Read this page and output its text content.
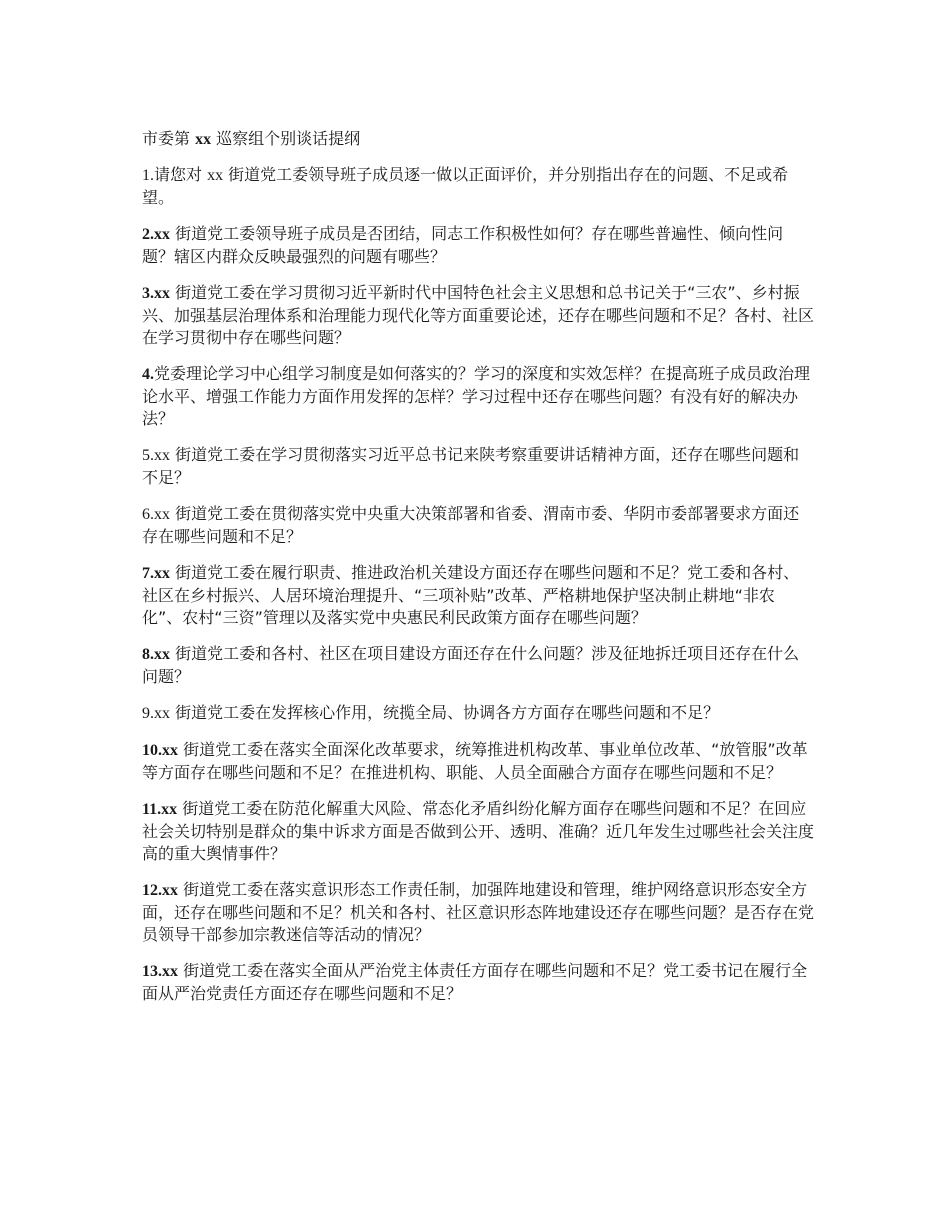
市委第 xx 巡察组个别谈话提纲

1.请您对 xx 街道党工委领导班子成员逐一做以正面评价，并分别指出存在的问题、不足或希望。

2.xx 街道党工委领导班子成员是否团结，同志工作积极性如何？存在哪些普遍性、倾向性问题？辖区内群众反映最强烈的问题有哪些？

3.xx 街道党工委在学习贯彻习近平新时代中国特色社会主义思想和总书记关于“三农”、乡村振兴、加强基层治理体系和治理能力现代化等方面重要论述，还存在哪些问题和不足？各村、社区在学习贯彻中存在哪些问题？

4.党委理论学习中心组学习制度是如何落实的？学习的深度和实效怎样？在提高班子成员政治理论水平、增强工作能力方面作用发挥的怎样？学习过程中还存在哪些问题？有没有好的解决办法？

5.xx 街道党工委在学习贯彻落实习近平总书记来陕考察重要讲话精神方面，还存在哪些问题和不足？

6.xx 街道党工委在贯彻落实党中央重大决策部署和省委、渭南市委、华阴市委部署要求方面还存在哪些问题和不足？

7.xx 街道党工委在履行职责、推进政治机关建设方面还存在哪些问题和不足？党工委和各村、社区在乡村振兴、人居环境治理提升、“三项补贴”改革、严格耕地保护坚决制止耕地“非农化”、农村“三资”管理以及落实党中央惠民利民政策方面存在哪些问题？

8.xx 街道党工委和各村、社区在项目建设方面还存在什么问题？涉及征地拆迁项目还存在什么问题？

9.xx 街道党工委在发挥核心作用，统揽全局、协调各方方面存在哪些问题和不足？

10.xx 街道党工委在落实全面深化改革要求，统筹推进机构改革、事业单位改革、“放管服”改革等方面存在哪些问题和不足？在推进机构、职能、人员全面融合方面存在哪些问题和不足？

11.xx 街道党工委在防范化解重大风险、常态化矛盾纠纷化解方面存在哪些问题和不足？在回应社会关切特别是群众的集中诉求方面是否做到公开、透明、准确？近几年发生过哪些社会关注度高的重大舆情事件？

12.xx 街道党工委在落实意识形态工作责任制，加强阵地建设和管理，维护网络意识形态安全方面，还存在哪些问题和不足？机关和各村、社区意识形态阵地建设还存在哪些问题？是否存在党员领导干部参加宗教迷信等活动的情况？

13.xx 街道党工委在落实全面从严治党主体责任方面存在哪些问题和不足？党工委书记在履行全面从严治党责任方面还存在哪些问题和不足？
